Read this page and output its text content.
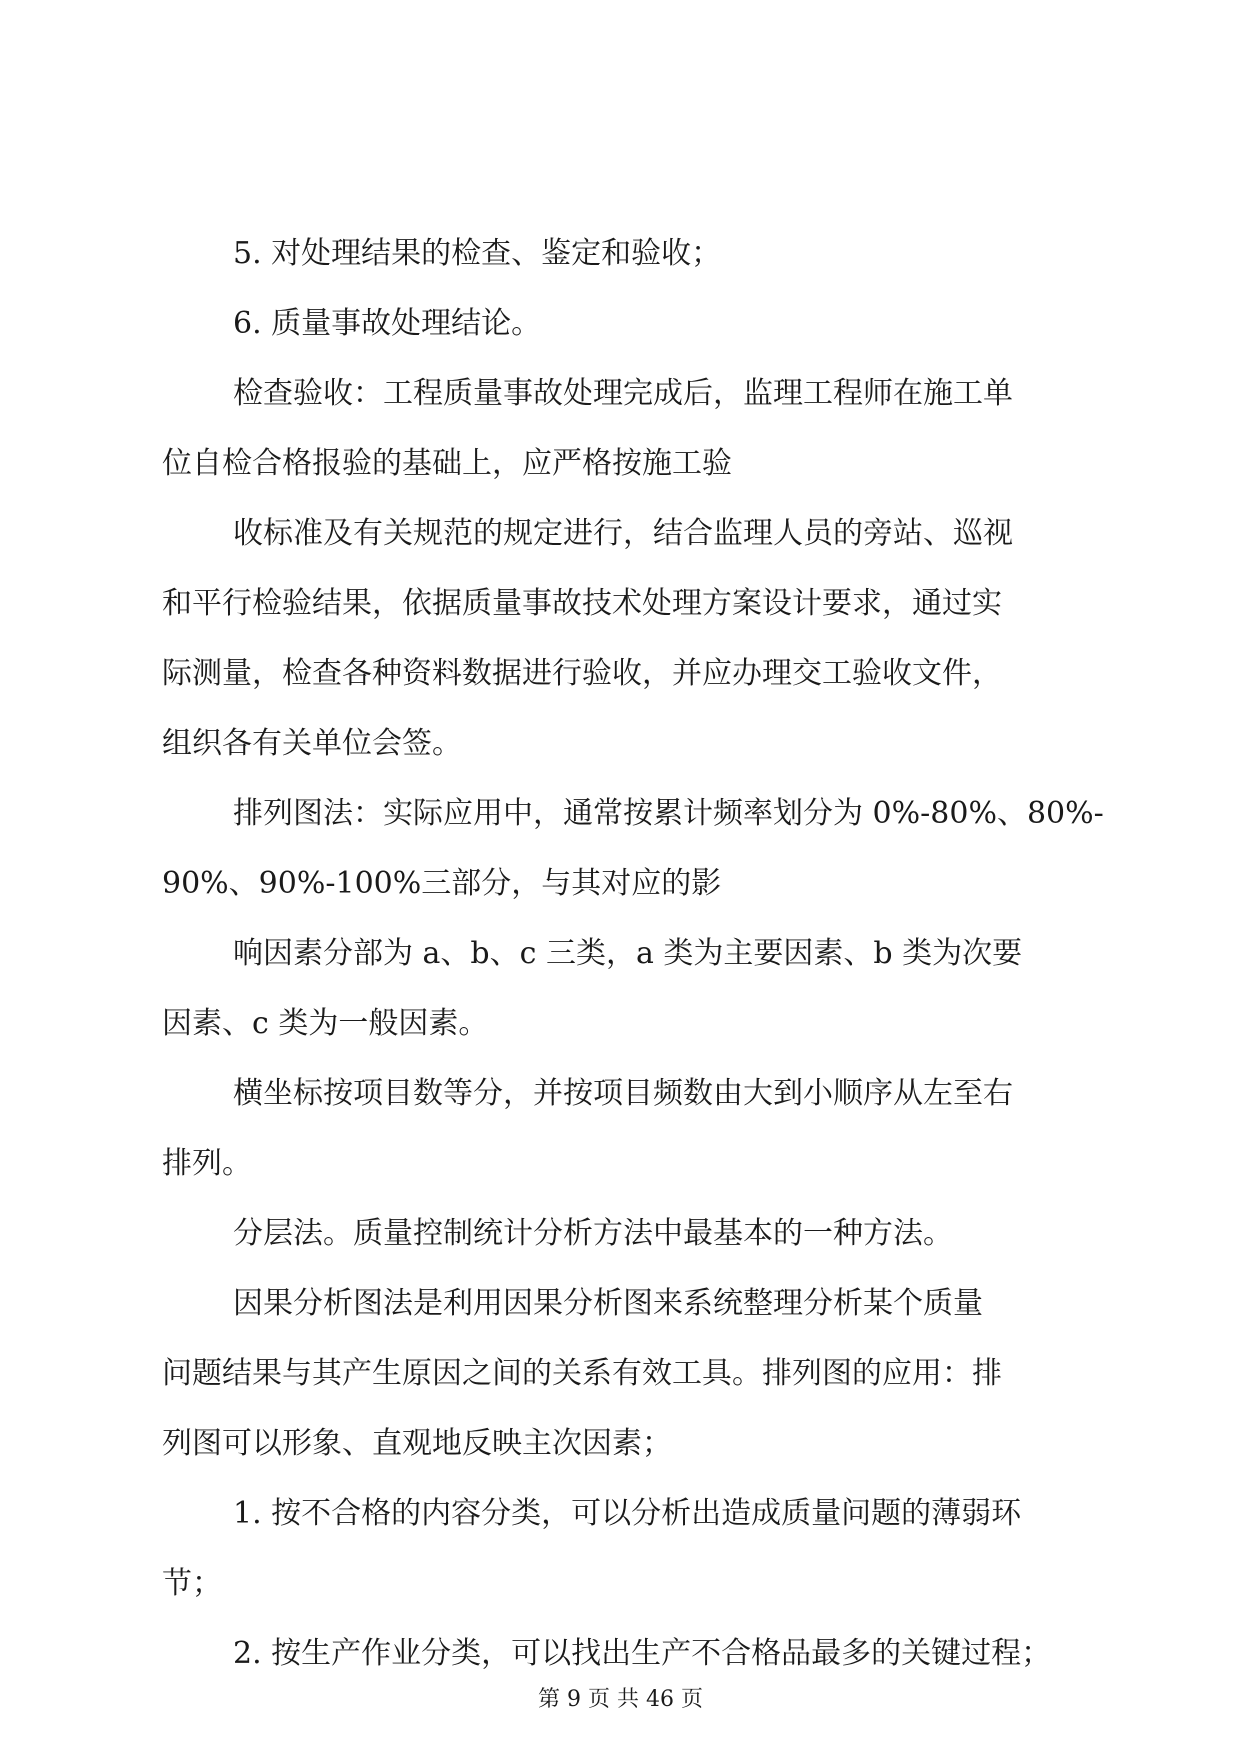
5. 对处理结果的检查、鉴定和验收；

6. 质量事故处理结论。

检查验收：工程质量事故处理完成后，监理工程师在施工单

位自检合格报验的基础上，应严格按施工验

收标准及有关规范的规定进行，结合监理人员的旁站、巡视

和平行检验结果，依据质量事故技术处理方案设计要求，通过实

际测量，检查各种资料数据进行验收，并应办理交工验收文件，

组织各有关单位会签。

排列图法：实际应用中，通常按累计频率划分为 0%-80%、80%-

90%、90%-100%三部分，与其对应的影

响因素分部为 a、b、c 三类，a 类为主要因素、b 类为次要

因素、c 类为一般因素。

横坐标按项目数等分，并按项目频数由大到小顺序从左至右

排列。

分层法。质量控制统计分析方法中最基本的一种方法。

因果分析图法是利用因果分析图来系统整理分析某个质量

问题结果与其产生原因之间的关系有效工具。排列图的应用：排

列图可以形象、直观地反映主次因素；

1. 按不合格的内容分类，可以分析出造成质量问题的薄弱环

节；

2. 按生产作业分类，可以找出生产不合格品最多的关键过程；

第 9 页 共 46 页
